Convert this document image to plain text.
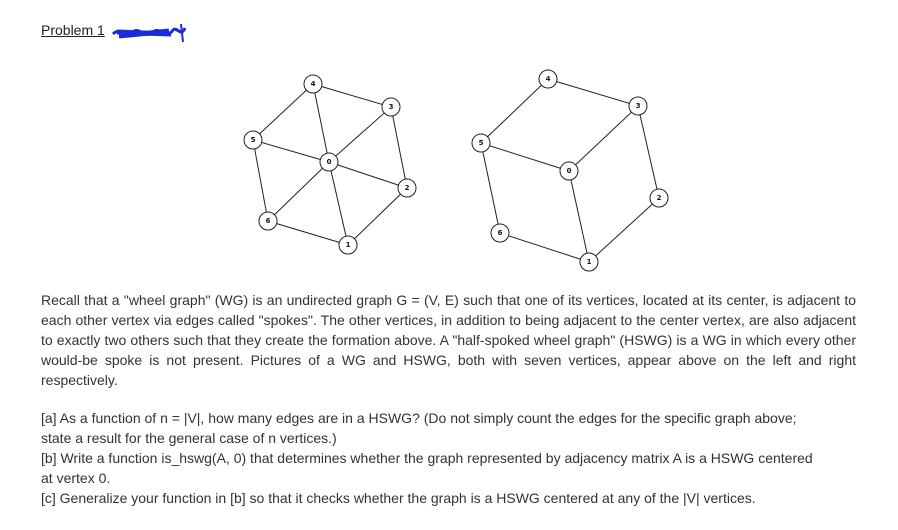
Problem 1
0
1
2
3
4
5
6
0
1
2
3
4
5
6

Recall that a "wheel graph" (WG) is an undirected graph G = (V, E) such that one of its vertices, located at its center, is adjacent to each other vertex via edges called "spokes". The other vertices, in addition to being adjacent to the center vertex, are also adjacent to exactly two others such that they create the formation above. A "half-spoked wheel graph" (HSWG) is a WG in which every other would-be spoke is not present. Pictures of a WG and HSWG, both with seven vertices, appear above on the left and right respectively.

[a] As a function of n = |V|, how many edges are in a HSWG? (Do not simply count the edges for the specific graph above;
state a result for the general case of n vertices.)

[b] Write a function is_hswg(A, 0) that determines whether the graph represented by adjacency matrix A is a HSWG centered
at vertex 0.

[c] Generalize your function in [b] so that it checks whether the graph is a HSWG centered at any of the |V| vertices.
